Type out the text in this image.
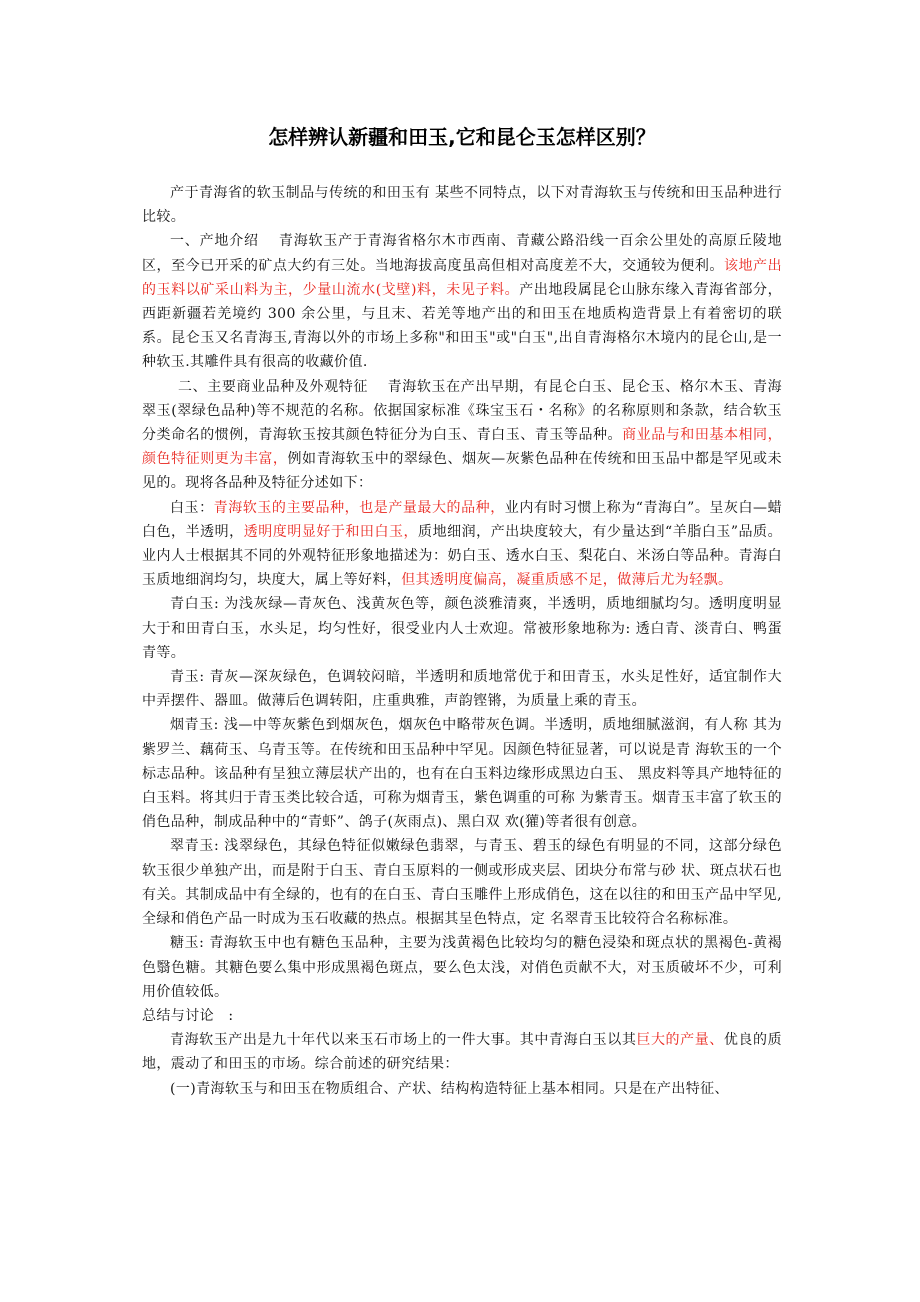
怎样辨认新疆和田玉,它和昆仑玉怎样区别？

产于青海省的软玉制品与传统的和田玉有 某些不同特点，以下对青海软玉与传统和田玉品种进行比较。

一、产地介绍　 青海软玉产于青海省格尔木市西南、青藏公路沿线一百余公里处的高原丘陵地区，至今已开采的矿点大约有三处。当地海拔高度虽高但相对高度差不大，交通较为便利。该地产出的玉料以矿采山料为主，少量山流水(戈壁)料，未见子料。产出地段属昆仑山脉东缘入青海省部分，西距新疆若羌境约 300 余公里，与且末、若羌等地产出的和田玉在地质构造背景上有着密切的联系。昆仑玉又名青海玉,青海以外的市场上多称"和田玉"或"白玉",出自青海格尔木境内的昆仑山,是一种软玉.其雕件具有很高的收藏价值.

二、主要商业品种及外观特征　 青海软玉在产出早期，有昆仑白玉、昆仑玉、格尔木玉、青海翠玉(翠绿色品种)等不规范的名称。依据国家标准《珠宝玉石・名称》的名称原则和条款，结合软玉分类命名的惯例，青海软玉按其颜色特征分为白玉、青白玉、青玉等品种。商业品与和田基本相同，颜色特征则更为丰富，例如青海软玉中的翠绿色、烟灰—灰紫色品种在传统和田玉品中都是罕见或未见的。现将各品种及特征分述如下：

白玉：青海软玉的主要品种，也是产量最大的品种，业内有时习惯上称为“青海白”。呈灰白—蜡白色，半透明，透明度明显好于和田白玉，质地细润，产出块度较大，有少量达到“羊脂白玉”品质。业内人士根据其不同的外观特征形象地描述为：奶白玉、透水白玉、梨花白、米汤白等品种。青海白玉质地细润均匀，块度大，属上等好料，但其透明度偏高，凝重质感不足，做薄后尤为轻飘。

青白玉: 为浅灰绿—青灰色、浅黄灰色等，颜色淡雅清爽，半透明，质地细腻均匀。透明度明显大于和田青白玉，水头足，均匀性好，很受业内人士欢迎。常被形象地称为: 透白青、淡青白、鸭蛋青等。

青玉: 青灰—深灰绿色，色调较闷暗，半透明和质地常优于和田青玉，水头足性好，适宜制作大中弄摆件、器皿。做薄后色调转阳，庄重典雅，声韵铿锵，为质量上乘的青玉。

烟青玉: 浅—中等灰紫色到烟灰色，烟灰色中略带灰色调。半透明，质地细腻滋润，有人称 其为紫罗兰、藕荷玉、乌青玉等。在传统和田玉品种中罕见。因颜色特征显著，可以说是青 海软玉的一个标志品种。该品种有呈独立薄层状产出的，也有在白玉料边缘形成黑边白玉、 黑皮料等具产地特征的白玉料。将其归于青玉类比较合适，可称为烟青玉，紫色调重的可称 为紫青玉。烟青玉丰富了软玉的俏色品种，制成品种中的“青虾”、鸽子(灰雨点)、黑白双 欢(獾)等者很有创意。

翠青玉: 浅翠绿色，其绿色特征似嫩绿色翡翠，与青玉、碧玉的绿色有明显的不同，这部分绿色软玉很少单独产出，而是附于白玉、青白玉原料的一侧或形成夹层、团块分布常与砂 状、斑点状石也有关。其制成品中有全绿的，也有的在白玉、青白玉雕件上形成俏色，这在以往的和田玉产品中罕见,全绿和俏色产品一时成为玉石收藏的热点。根据其呈色特点，定 名翠青玉比较符合名称标准。

糖玉: 青海软玉中也有糖色玉品种，主要为浅黄褐色比较均匀的糖色浸染和斑点状的黑褐色-黄褐色翳色糖。其糖色要么集中形成黑褐色斑点，要么色太浅，对俏色贡献不大，对玉质破坏不少，可利用价值较低。

总结与讨论　:

青海软玉产出是九十年代以来玉石市场上的一件大事。其中青海白玉以其巨大的产量、优良的质地，震动了和田玉的市场。综合前述的研究结果：

(一)青海软玉与和田玉在物质组合、产状、结构构造特征上基本相同。只是在产出特征、
